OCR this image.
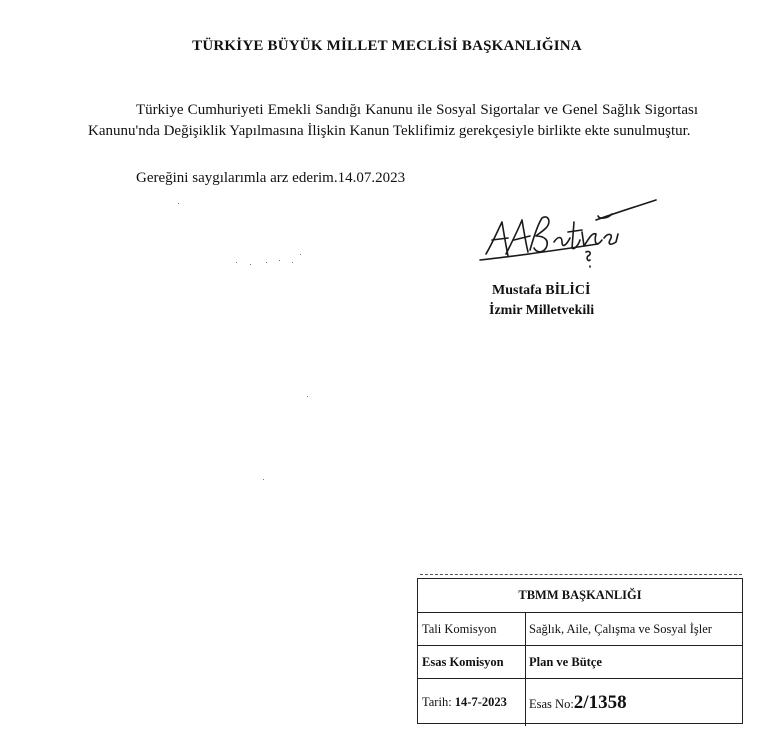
TÜRKİYE BÜYÜK MİLLET MECLİSİ BAŞKANLIĞINA

Türkiye Cumhuriyeti Emekli Sandığı Kanunu ile Sosyal Sigortalar ve Genel Sağlık Sigortası Kanunu'nda Değişiklik Yapılmasına İlişkin Kanun Teklifimiz gerekçesiyle birlikte ekte sunulmuştur.

Gereğini saygılarımla arz ederim.14.07.2023
Mustafa BİLİCİ
İzmir Milletvekili
TBMM BAŞKANLIĞI
Tali Komisyon	Sağlık, Aile, Çalışma ve Sosyal İşler
Esas Komisyon	Plan ve Bütçe
Tarih: 14-7-2023	Esas No:2/1358
